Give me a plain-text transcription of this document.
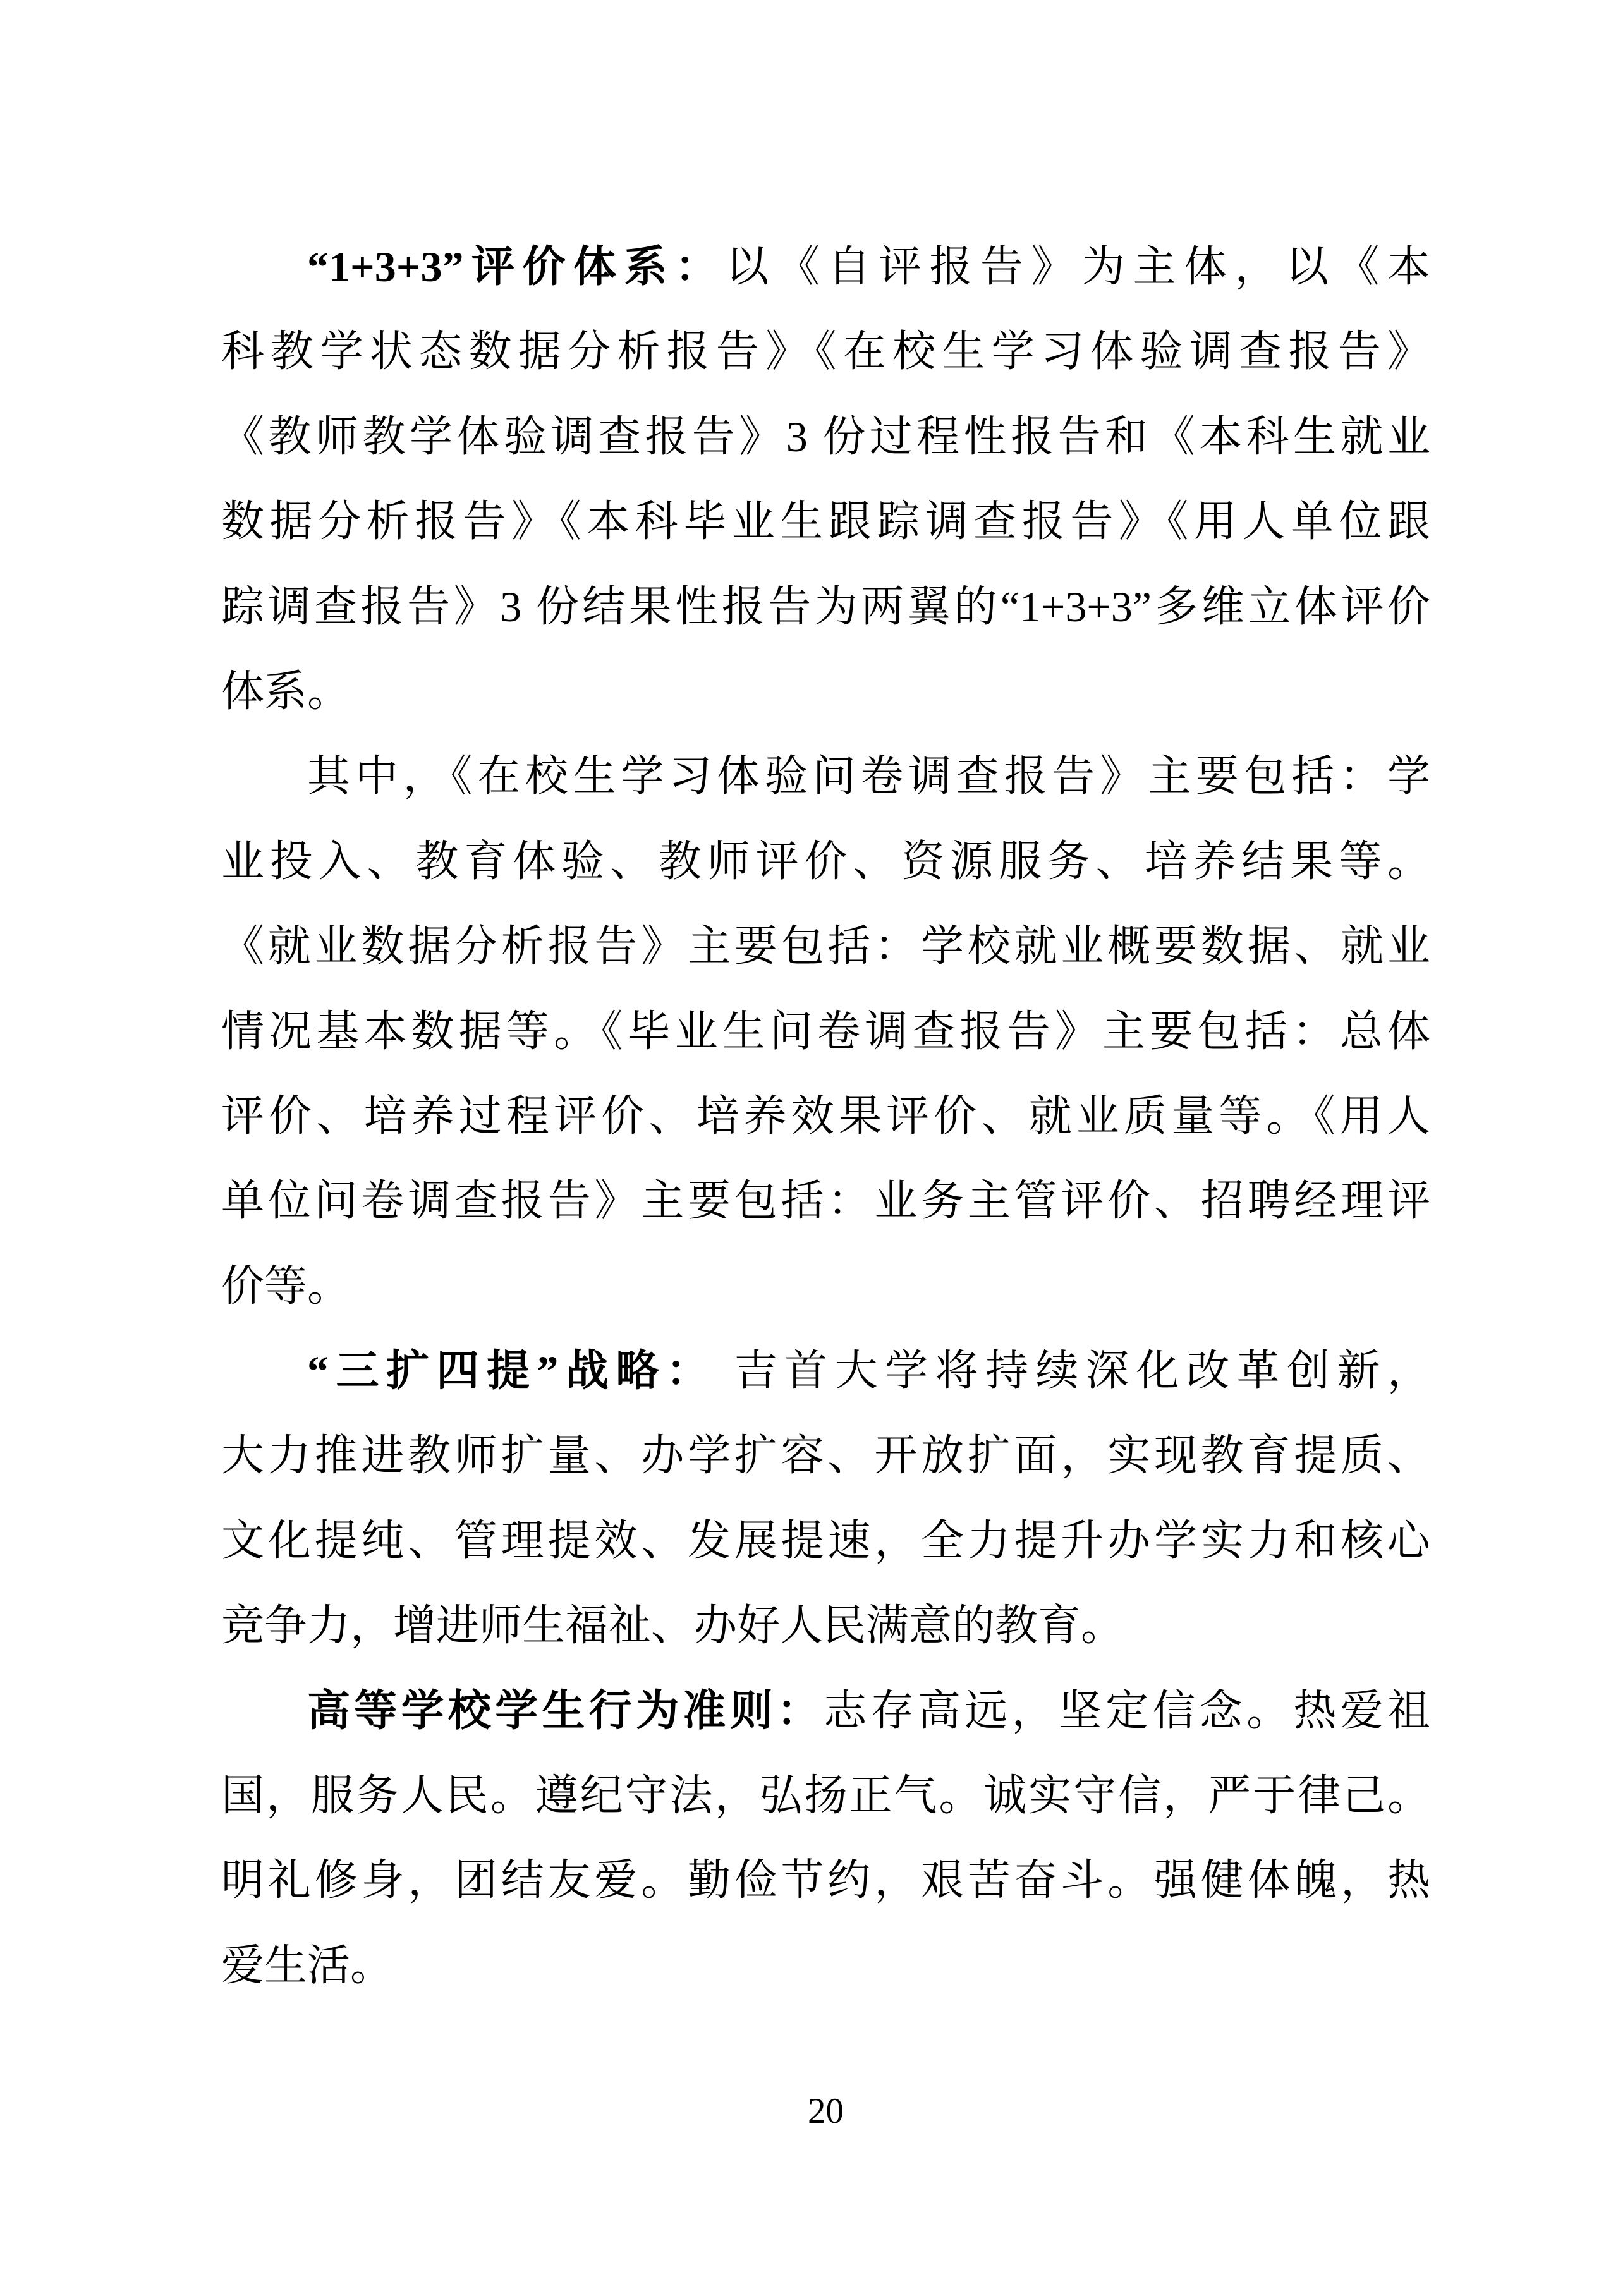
“1+3+3”评价体系：以《自评报告》为主体，以《本
科教学状态数据分析报告》《在校生学习体验调查报告》
《教师教学体验调查报告》3 份过程性报告和《本科生就业
数据分析报告》《本科毕业生跟踪调查报告》《用人单位跟
踪调查报告》3 份结果性报告为两翼的“1+3+3”多维立体评价
体系。
其中，《在校生学习体验问卷调查报告》主要包括：学
业投入、教育体验、教师评价、资源服务、培养结果等。
《就业数据分析报告》主要包括：学校就业概要数据、就业
情况基本数据等。《毕业生问卷调查报告》主要包括：总体
评价、培养过程评价、培养效果评价、就业质量等。《用人
单位问卷调查报告》主要包括：业务主管评价、招聘经理评
价等。
“三扩四提”战略： 吉首大学将持续深化改革创新，
大力推进教师扩量、办学扩容、开放扩面，实现教育提质、
文化提纯、管理提效、发展提速，全力提升办学实力和核心
竞争力，增进师生福祉、办好人民满意的教育。
高等学校学生行为准则：志存高远，坚定信念。热爱祖
国，服务人民。遵纪守法，弘扬正气。诚实守信，严于律己。
明礼修身，团结友爱。勤俭节约，艰苦奋斗。强健体魄，热
爱生活。
20
